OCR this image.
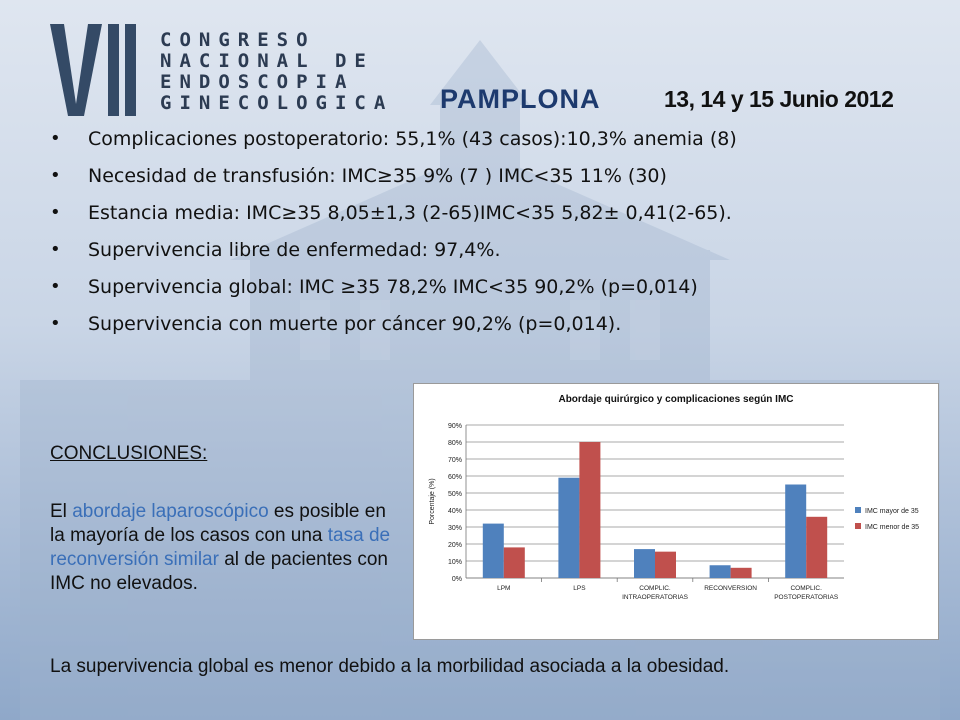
CONGRESO
NACIONAL DE
ENDOSCOPIA
GINECOLOGICA PAMPLONA	13, 14 y 15 Junio 2012
• Complicaciones postoperatorio: 55,1% (43 casos):10,3% anemia (8)
• Necesidad de transfusión: IMC≥35 9% (7 ) IMC<35 11% (30)
• Estancia media: IMC≥35 8,05±1,3 (2-65)IMC<35 5,82± 0,41(2-65).
• Supervivencia libre de enfermedad: 97,4%.
• Supervivencia global: IMC ≥35 78,2% IMC<35 90,2% (p=0,014)
• Supervivencia con muerte por cáncer 90,2% (p=0,014).
CONCLUSIONES:
El abordaje laparoscópico es posible en la mayoría de los casos con una tasa de reconversión similar al de pacientes con IMC no elevados.
Abordaje quirúrgico y complicaciones según IMC
0%
10%
20%
30%
40%
50%
60%
70%
80%
90%
Porcentaje (%)
LPM	LPS	COMPLIC.
INTRAOPERATORIAS
RECONVERSION	COMPLIC.
POSTOPERATORIAS
IMC mayor de 35
IMC menor de 35
La supervivencia global es menor debido a la morbilidad asociada a la obesidad.
